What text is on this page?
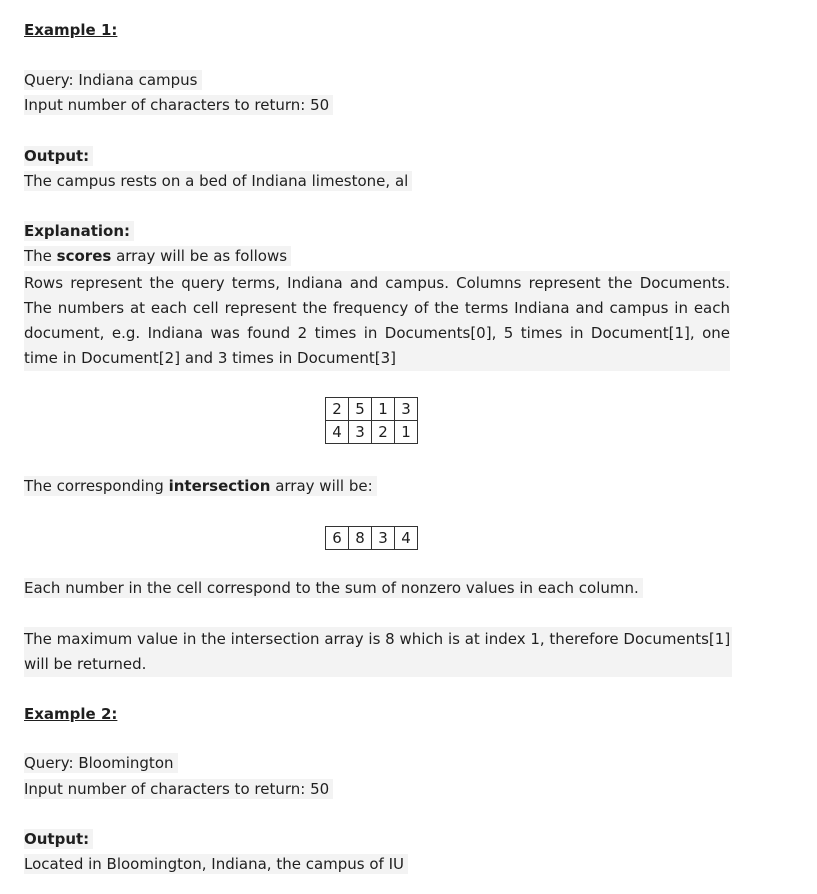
Example 1:
Query: Indiana campus
Input number of characters to return: 50
Output:
The campus rests on a bed of Indiana limestone, al
Explanation:
The scores array will be as follows
Rows represent the query terms, Indiana and campus. Columns represent the Documents. The numbers at each cell represent the frequency of the terms Indiana and campus in each document, e.g. Indiana was found 2 times in Documents[0], 5 times in Document[1], one time in Document[2] and 3 times in Document[3]
2	5	1	3
4	3	2	1
The corresponding intersection array will be:
6	8	3	4
Each number in the cell correspond to the sum of nonzero values in each column.
The maximum value in the intersection array is 8 which is at index 1, therefore Documents[1] will be returned.
Example 2:
Query: Bloomington
Input number of characters to return: 50
Output:
Located in Bloomington, Indiana, the campus of IU
